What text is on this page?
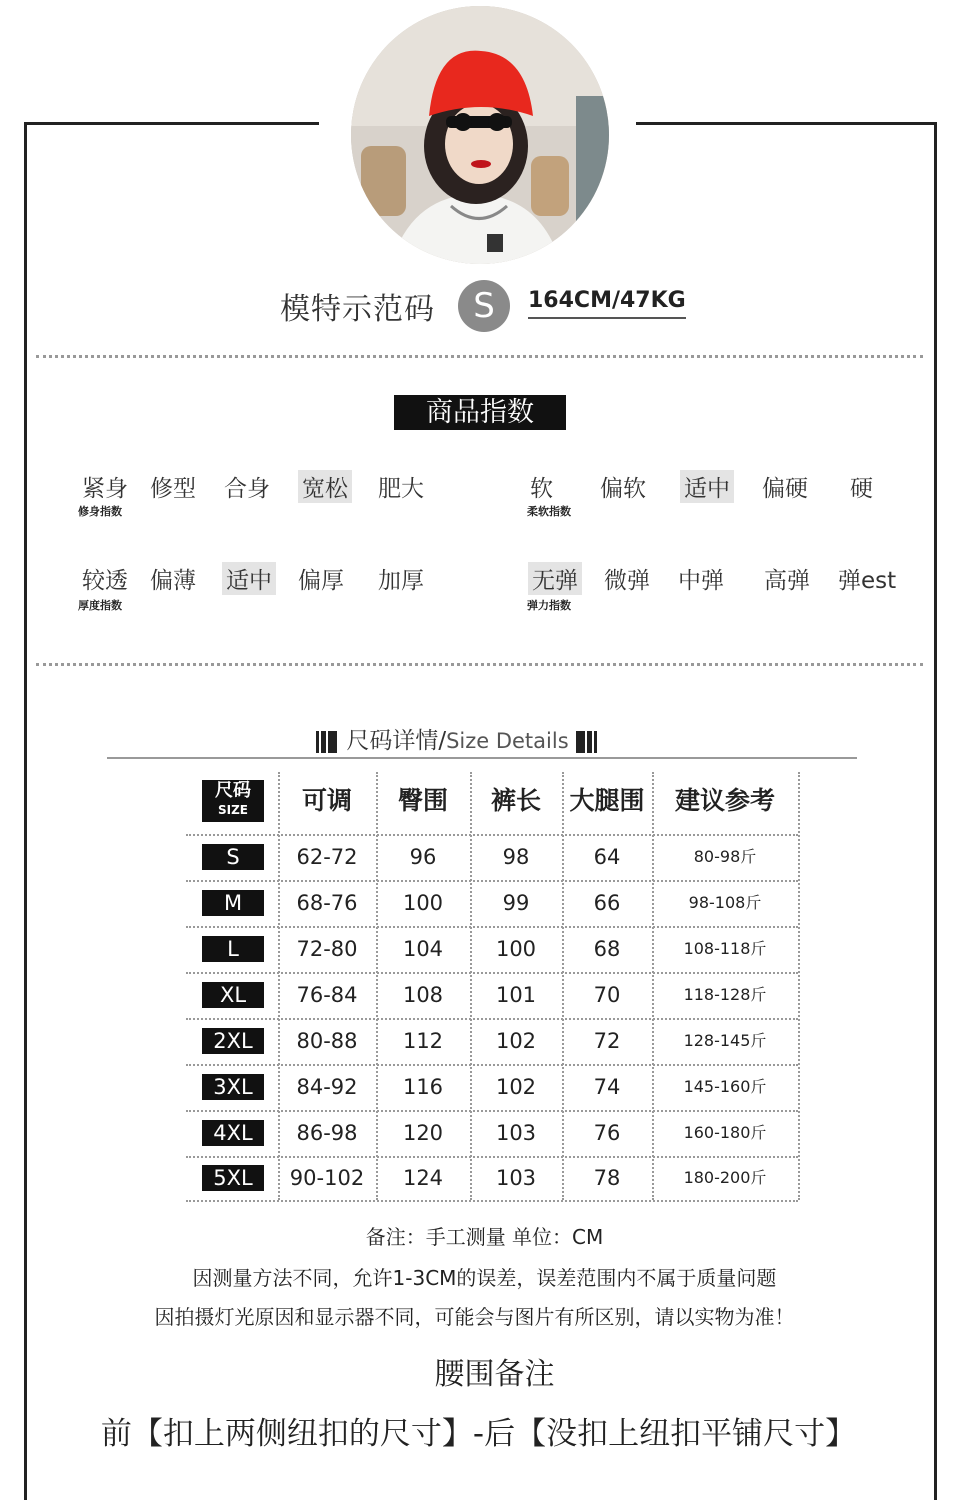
模特示范码	S	164CM/47KG
商品指数
紧身 修型 合身 宽松 肥大
修身指数
软 偏软 适中 偏硬 硬
柔软指数
较透 偏薄 适中 偏厚 加厚
厚度指数
无弹 微弹 中弹 高弹 弹est
弹力指数
尺码详情/Size Details
尺码
SIZE	可调	臀围	裤长	大腿围	建议参考
S	62-72	96	98	64	80-98斤
M	68-76	100	99	66	98-108斤
L	72-80	104	100	68	108-118斤
XL	76-84	108	101	70	118-128斤
2XL	80-88	112	102	72	128-145斤
3XL	84-92	116	102	74	145-160斤
4XL	86-98	120	103	76	160-180斤
5XL	90-102	124	103	78	180-200斤
备注：手工测量 单位：CM
因测量方法不同，允许1-3CM的误差，误差范围内不属于质量问题
因拍摄灯光原因和显示器不同，可能会与图片有所区别，请以实物为准！
腰围备注
前【扣上两侧纽扣的尺寸】-后【没扣上纽扣平铺尺寸】
